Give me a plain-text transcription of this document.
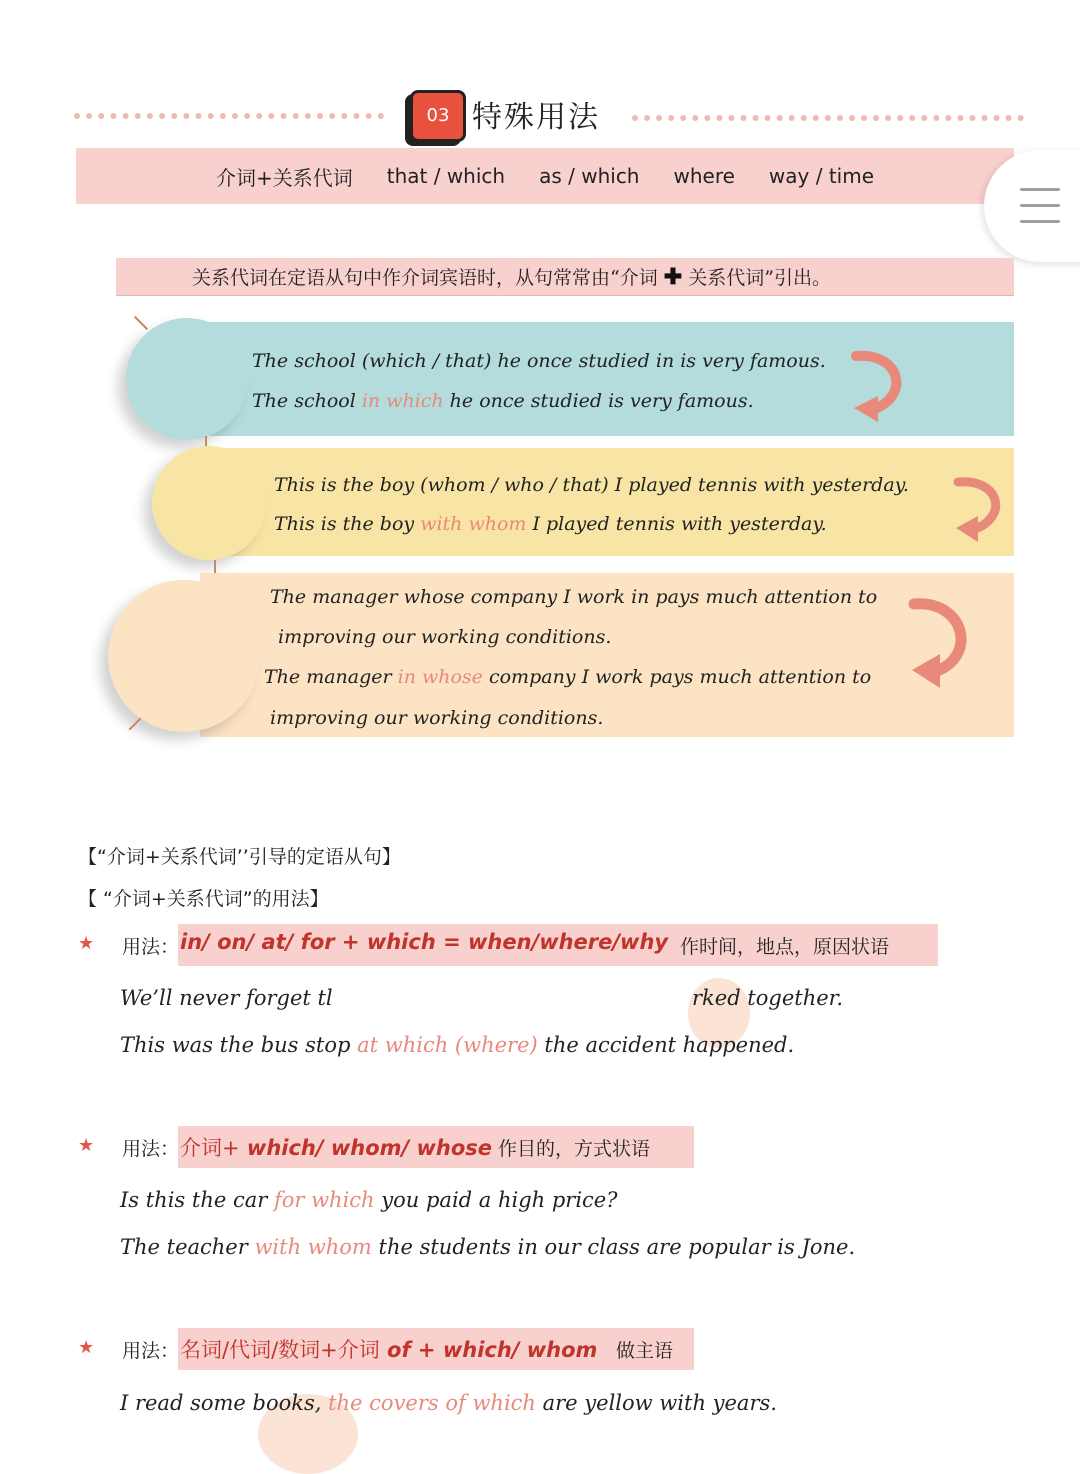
03 特殊用法
介词+关系代词 that / which as / which where way / time
关系代词在定语从句中作介词宾语时，从句常常由“介词 ✚ 关系代词”引出。
The school (which / that) he once studied in is very famous.
The school in which he once studied is very famous.
This is the boy (whom / who / that) I played tennis with yesterday.
This is the boy with whom I played tennis with yesterday.
The manager whose company I work in pays much attention to
improving our working conditions.
The manager in whose company I work pays much attention to
improving our working conditions.
【“介词+关系代词’’引导的定语从句】
【 “介词+关系代词”的用法】
★ 用法： in/ on/ at/ for + which = when/where/why 作时间，地点，原因状语
We’ll never forget tl	rked together.
This was the bus stop at which (where) the accident happened.
★ 用法： 介词+ which/ whom/ whose 作目的，方式状语
Is this the car for which you paid a high price?
The teacher with whom the students in our class are popular is Jone.
★ 用法： 名词/代词/数词+介词 of + which/ whom 做主语
I read some books, the covers of which are yellow with years.
